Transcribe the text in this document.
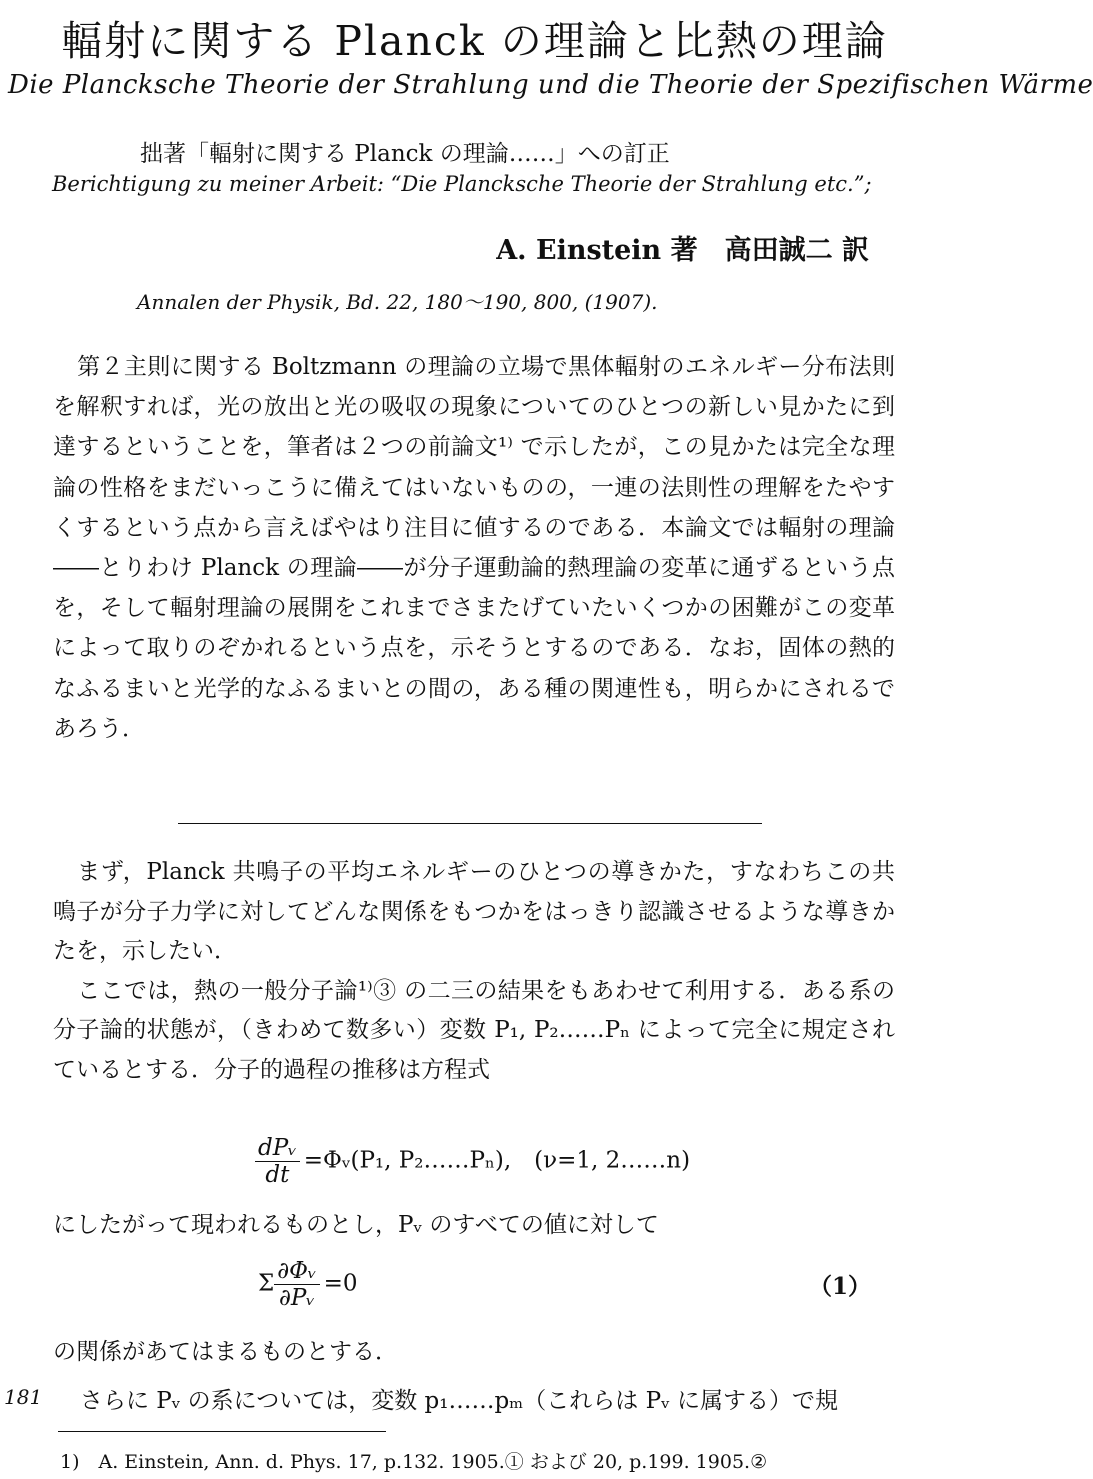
輻射に関する Planck の理論と比熱の理論
Die Plancksche Theorie der Strahlung und die Theorie der Spezifischen Wärme
拙著「輻射に関する Planck の理論……」への訂正
Berichtigung zu meiner Arbeit: “Die Plancksche Theorie der Strahlung etc.”;
A. Einstein 著　高田誠二 訳
Annalen der Physik, Bd. 22, 180〜190, 800, (1907).

第２主則に関する Boltzmann の理論の立場で黒体輻射のエネルギー分布法則を解釈すれば，光の放出と光の吸収の現象についてのひとつの新しい見かたに到達するということを，筆者は２つの前論文¹⁾ で示したが，この見かたは完全な理論の性格をまだいっこうに備えてはいないものの，一連の法則性の理解をたやすくするという点から言えばやはり注目に値するのである．本論文では輻射の理論――とりわけ Planck の理論――が分子運動論的熱理論の変革に通ずるという点を，そして輻射理論の展開をこれまでさまたげていたいくつかの困難がこの変革によって取りのぞかれるという点を，示そうとするのである．なお，固体の熱的なふるまいと光学的なふるまいとの間の，ある種の関連性も，明らかにされるであろう．

まず，Planck 共鳴子の平均エネルギーのひとつの導きかた，すなわちこの共鳴子が分子力学に対してどんな関係をもつかをはっきり認識させるような導きかたを，示したい．

ここでは，熱の一般分子論¹⁾③ の二三の結果をもあわせて利用する．ある系の分子論的状態が，（きわめて数多い）変数 P₁, P₂……Pₙ によって完全に規定されているとする．分子的過程の推移は方程式

$\frac{\text{dPᵥ}}{dt}$ =Φᵥ(P₁, P₂……Pₙ),　(ν=1, 2……n)
にしたがって現われるものとし，Pᵥ のすべての値に対して
Σ $\frac{\text{∂Φᵥ}}{\text{∂Pᵥ}} =0$	（1）
の関係があてはまるものとする．
181 さらに Pᵥ の系については，変数 p₁……pₘ（これらは Pᵥ に属する）で規
1)　A. Einstein, Ann. d. Phys. 17, p.132. 1905.① および 20, p.199. 1905.②
